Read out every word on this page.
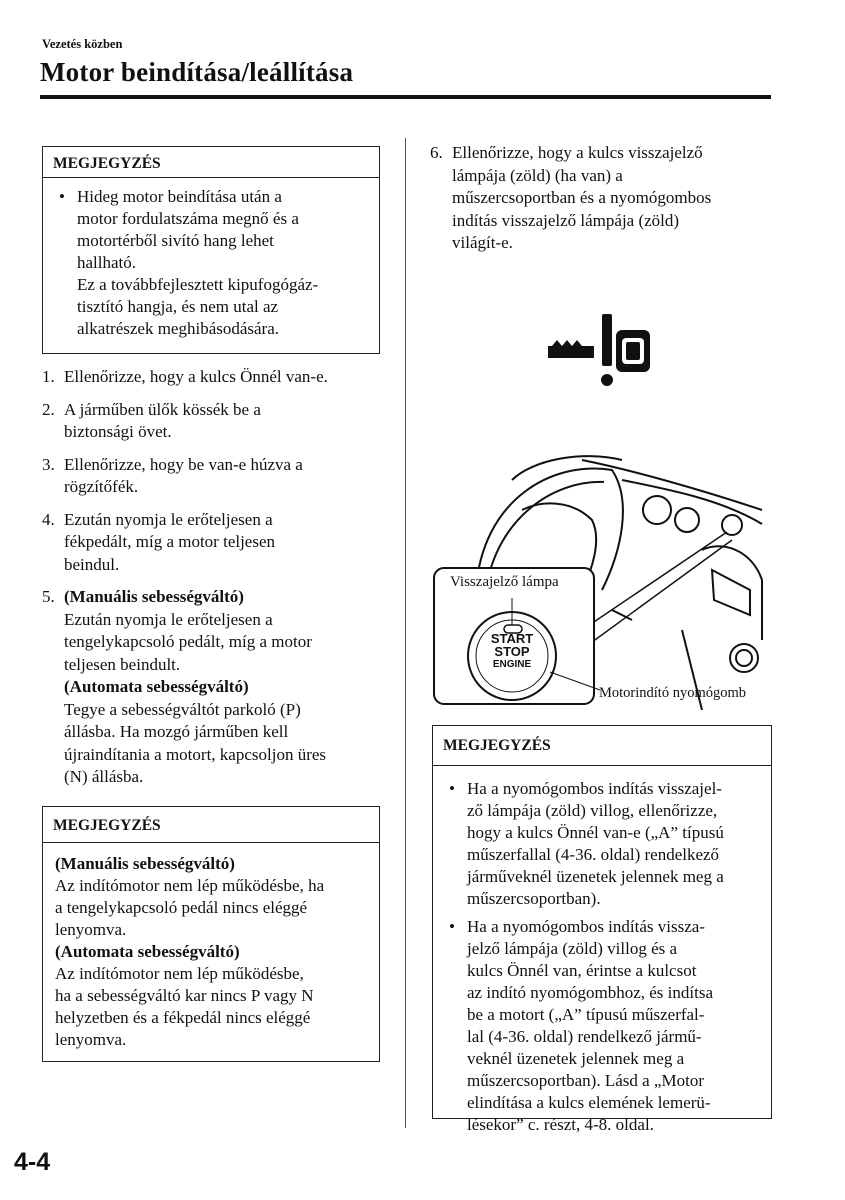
Vezetés közben
Motor beindítása/leállítása
MEGJEGYZÉS
• Hideg motor beindítása után a
motor fordulatszáma megnő és a
motortérből sivító hang lehet
hallható.
Ez a továbbfejlesztett kipufogógáz-
tisztító hangja, és nem utal az
alkatrészek meghibásodására.
1. Ellenőrizze, hogy a kulcs Önnél van-e.
2. A járműben ülők kössék be a
biztonsági övet.
3. Ellenőrizze, hogy be van-e húzva a
rögzítőfék.
4. Ezután nyomja le erőteljesen a
fékpedált, míg a motor teljesen
beindul.
5. (Manuális sebességváltó)
Ezután nyomja le erőteljesen a
tengelykapcsoló pedált, míg a motor
teljesen beindult.
(Automata sebességváltó)
Tegye a sebességváltót parkoló (P)
állásba. Ha mozgó járműben kell
újraindítania a motort, kapcsoljon üres
(N) állásba.
MEGJEGYZÉS
(Manuális sebességváltó)
Az indítómotor nem lép működésbe, ha
a tengelykapcsoló pedál nincs eléggé
lenyomva.
(Automata sebességváltó)
Az indítómotor nem lép működésbe,
ha a sebességváltó kar nincs P vagy N
helyzetben és a fékpedál nincs eléggé
lenyomva.
6. Ellenőrizze, hogy a kulcs visszajelző
lámpája (zöld) (ha van) a
műszercsoportban és a nyomógombos
indítás visszajelző lámpája (zöld)
világít-e.
Visszajelző lámpa
START
STOP
ENGINE
Motorindító nyomógomb
MEGJEGYZÉS
• Ha a nyomógombos indítás visszajel-
ző lámpája (zöld) villog, ellenőrizze,
hogy a kulcs Önnél van-e („A” típusú
műszerfallal (4-36. oldal) rendelkező
járműveknél üzenetek jelennek meg a
műszercsoportban).
• Ha a nyomógombos indítás vissza-
jelző lámpája (zöld) villog és a
kulcs Önnél van, érintse a kulcsot
az indító nyomógombhoz, és indítsa
be a motort („A” típusú műszerfal-
lal (4-36. oldal) rendelkező jármű-
veknél üzenetek jelennek meg a
műszercsoportban). Lásd a „Motor
elindítása a kulcs elemének lemerü-
lésekor” c. részt, 4-8. oldal.
4-4
